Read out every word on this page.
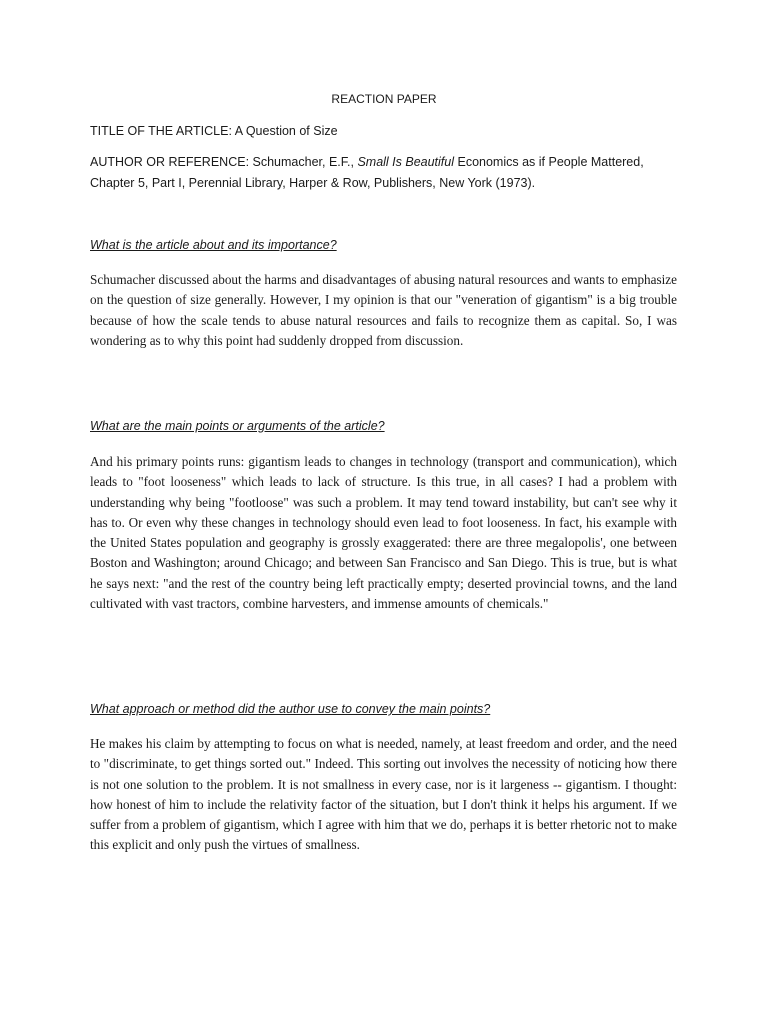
REACTION PAPER
TITLE OF THE ARTICLE: A Question of Size
AUTHOR OR REFERENCE: Schumacher, E.F., Small Is Beautiful Economics as if People Mattered, Chapter 5, Part I, Perennial Library, Harper & Row, Publishers, New York (1973).
What is the article about and its importance?

Schumacher discussed about the harms and disadvantages of abusing natural resources and wants to emphasize on the question of size generally. However, I my opinion is that our "veneration of gigantism" is a big trouble because of how the scale tends to abuse natural resources and fails to recognize them as capital. So, I was wondering as to why this point had suddenly dropped from discussion.

What are the main points or arguments of the article?

And his primary points runs: gigantism leads to changes in technology (transport and communication), which leads to "foot looseness" which leads to lack of structure. Is this true, in all cases? I had a problem with understanding why being "footloose" was such a problem. It may tend toward instability, but can't see why it has to. Or even why these changes in technology should even lead to foot looseness. In fact, his example with the United States population and geography is grossly exaggerated: there are three megalopolis', one between Boston and Washington; around Chicago; and between San Francisco and San Diego. This is true, but is what he says next: "and the rest of the country being left practically empty; deserted provincial towns, and the land cultivated with vast tractors, combine harvesters, and immense amounts of chemicals."

What approach or method did the author use to convey the main points?

He makes his claim by attempting to focus on what is needed, namely, at least freedom and order, and the need to "discriminate, to get things sorted out." Indeed. This sorting out involves the necessity of noticing how there is not one solution to the problem. It is not smallness in every case, nor is it largeness -- gigantism. I thought: how honest of him to include the relativity factor of the situation, but I don't think it helps his argument. If we suffer from a problem of gigantism, which I agree with him that we do, perhaps it is better rhetoric not to make this explicit and only push the virtues of smallness.
